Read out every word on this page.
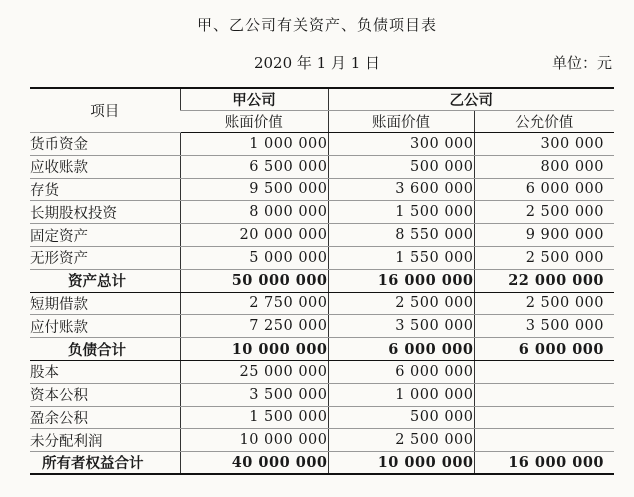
甲、乙公司有关资产、负债项目表
2020 年 1 月 1 日	单位：元
项目	甲公司	乙公司	
	账面价值	账面价值	公允价值
货币资金	1 000 000	300 000	300 000
应收账款	6 500 000	500 000	800 000
存货	9 500 000	3 600 000	6 000 000
长期股权投资	8 000 000	1 500 000	2 500 000
固定资产	20 000 000	8 550 000	9 900 000
无形资产	5 000 000	1 550 000	2 500 000
资产总计	50 000 000	16 000 000	22 000 000
短期借款	2 750 000	2 500 000	2 500 000
应付账款	7 250 000	3 500 000	3 500 000
负债合计	10 000 000	6 000 000	6 000 000
股本	25 000 000	6 000 000	
资本公积	3 500 000	1 000 000	
盈余公积	1 500 000	500 000	
未分配利润	10 000 000	2 500 000	
所有者权益合计	40 000 000	10 000 000	16 000 000
